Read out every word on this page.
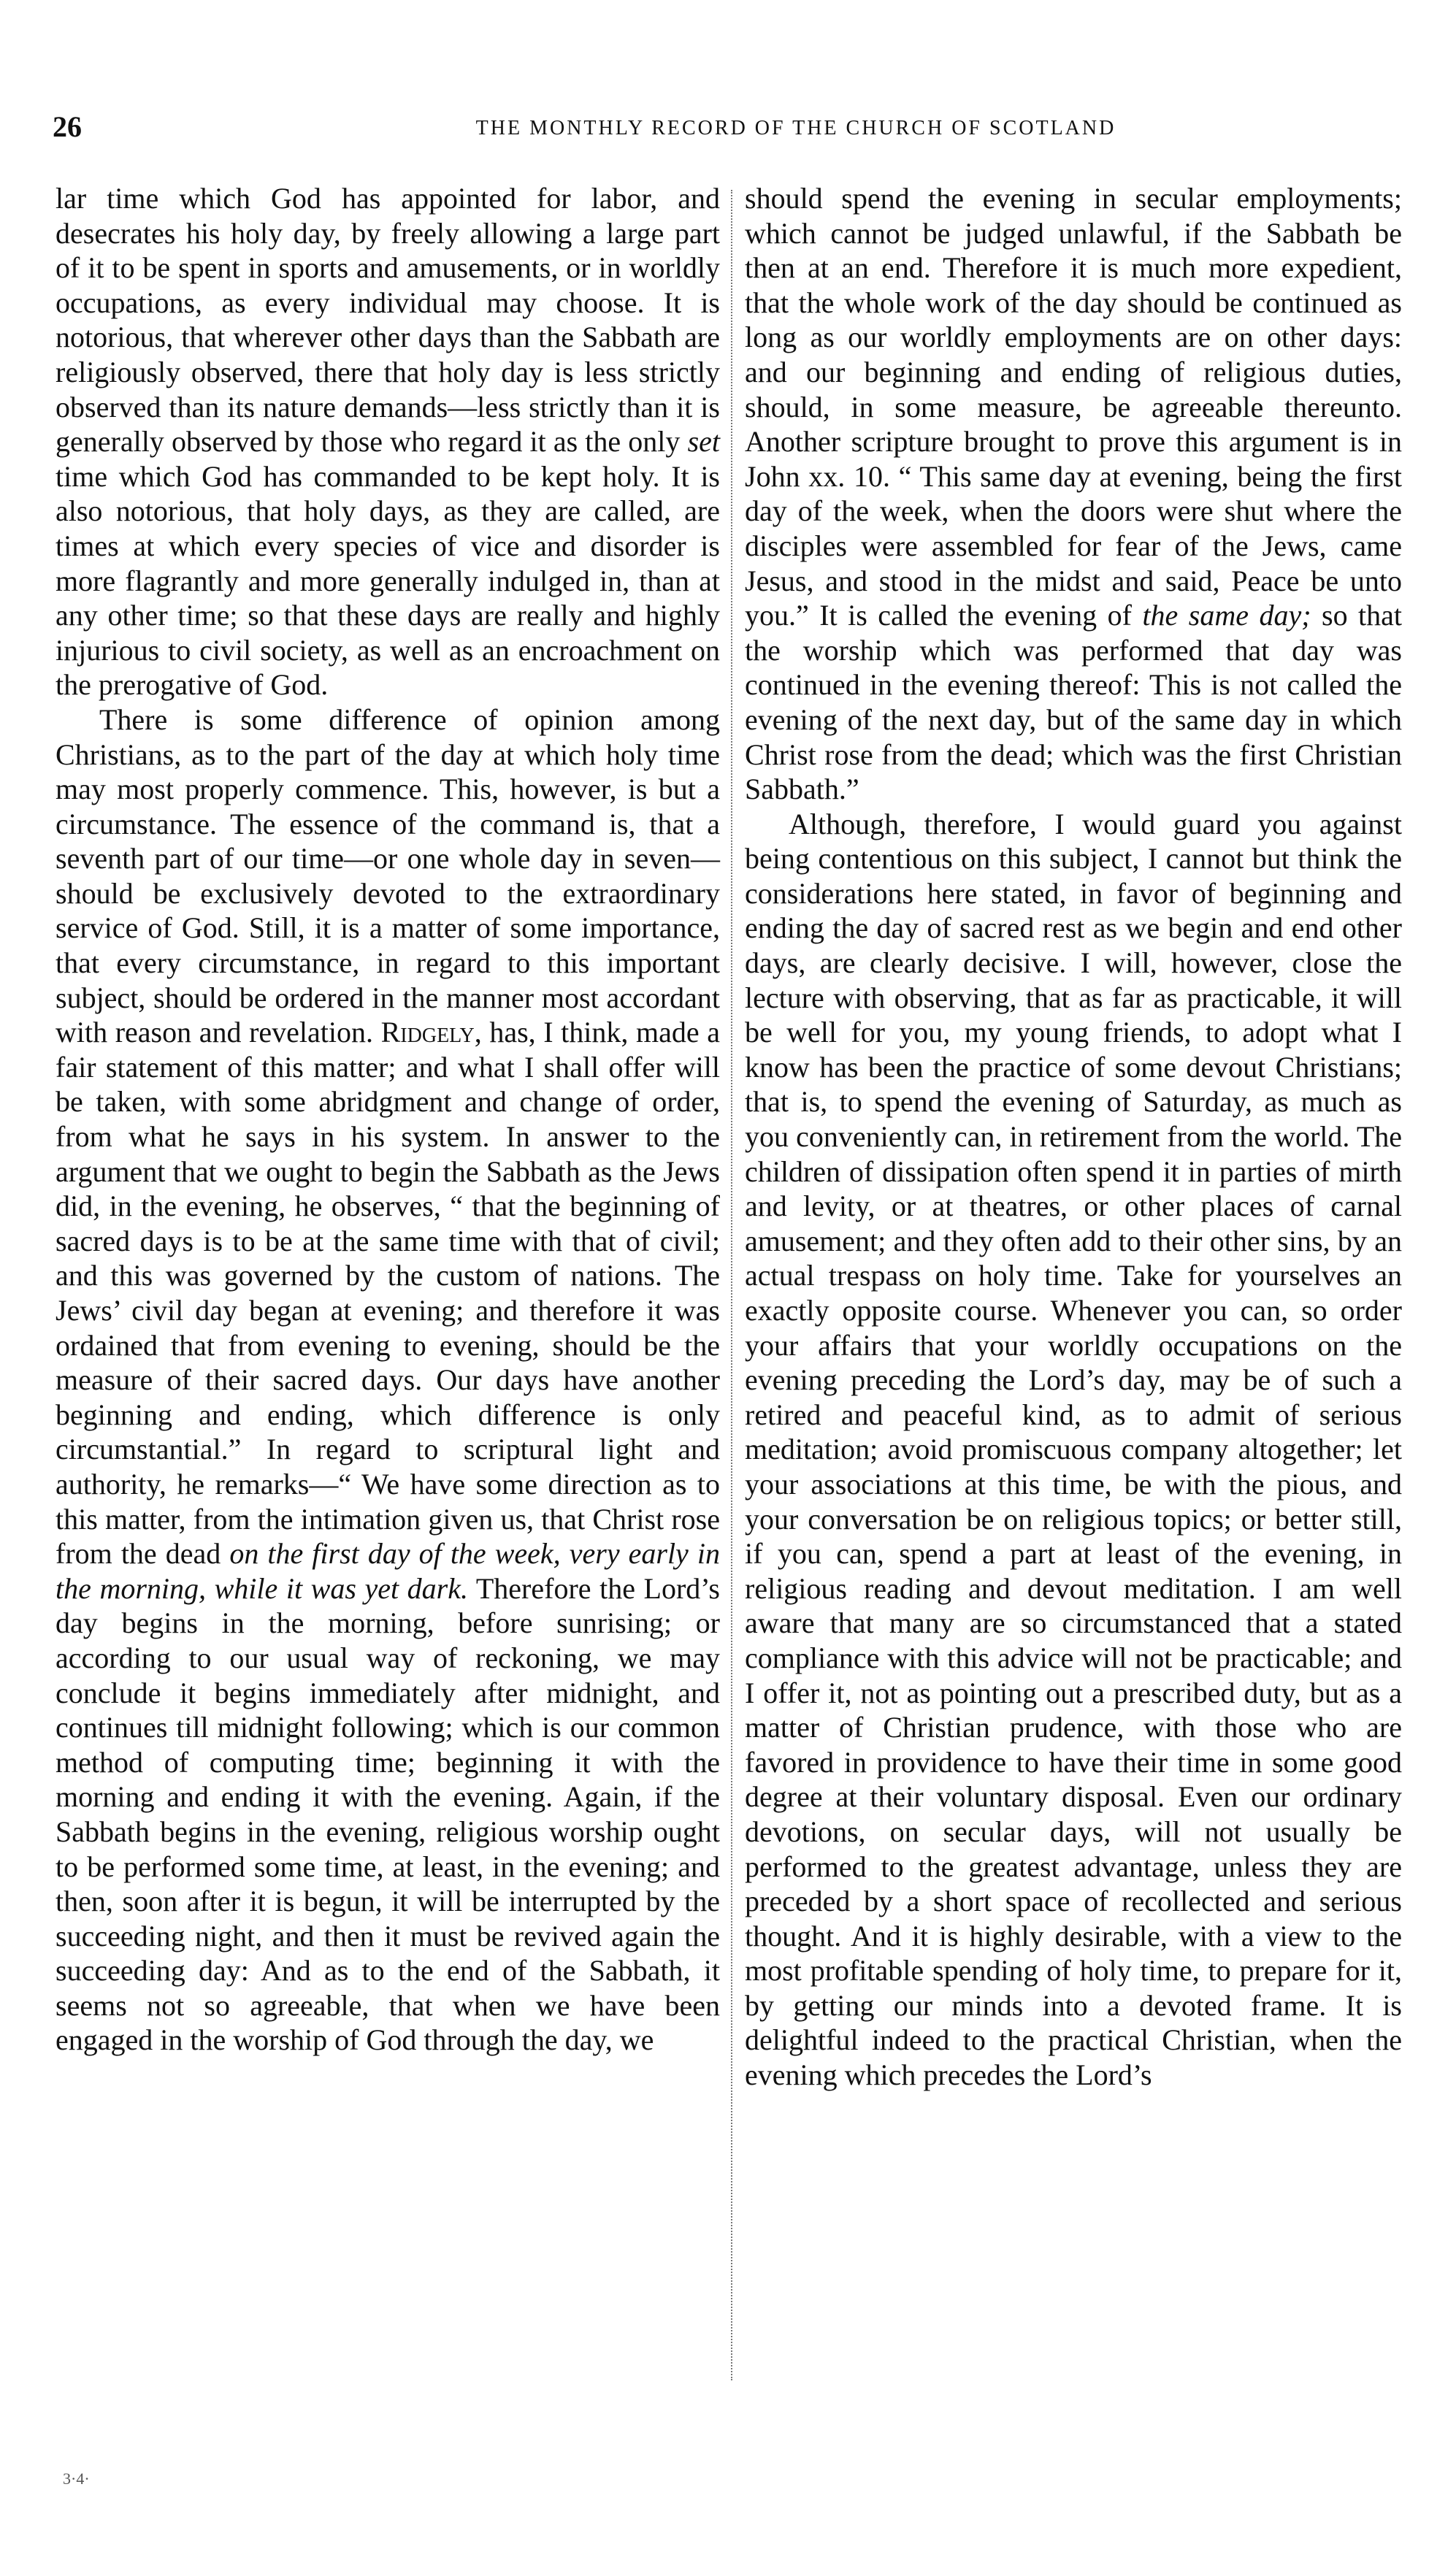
26	THE MONTHLY RECORD OF THE CHURCH OF SCOTLAND

lar time which God has appointed for labor, and desecrates his holy day, by freely allowing a large part of it to be spent in sports and amusements, or in worldly occupations, as every individual may choose. It is notorious, that wherever other days than the Sabbath are religiously observed, there that holy day is less strictly observed than its nature demands—less strictly than it is generally observed by those who regard it as the only set time which God has commanded to be kept holy. It is also notorious, that holy days, as they are called, are times at which every species of vice and disorder is more flagrantly and more generally indulged in, than at any other time; so that these days are really and highly injurious to civil society, as well as an encroachment on the prerogative of God.

There is some difference of opinion among Christians, as to the part of the day at which holy time may most properly commence. This, however, is but a circumstance. The essence of the command is, that a seventh part of our time—or one whole day in seven—should be exclusively devoted to the extraordinary service of God. Still, it is a matter of some importance, that every circumstance, in regard to this important subject, should be ordered in the manner most accordant with reason and revelation. Ridgely, has, I think, made a fair statement of this matter; and what I shall offer will be taken, with some abridgment and change of order, from what he says in his system. In answer to the argument that we ought to begin the Sabbath as the Jews did, in the evening, he observes, “ that the beginning of sacred days is to be at the same time with that of civil; and this was governed by the custom of nations. The Jews’ civil day began at evening; and therefore it was ordained that from evening to evening, should be the measure of their sacred days. Our days have another beginning and ending, which difference is only circumstantial.” In regard to scriptural light and authority, he remarks—“ We have some direction as to this matter, from the intimation given us, that Christ rose from the dead on the first day of the week, very early in the morning, while it was yet dark. Therefore the Lord’s day begins in the morning, before sunrising; or according to our usual way of reckoning, we may conclude it begins immediately after midnight, and continues till midnight following; which is our common method of computing time; beginning it with the morning and ending it with the evening. Again, if the Sabbath begins in the evening, religious worship ought to be performed some time, at least, in the evening; and then, soon after it is begun, it will be interrupted by the succeeding night, and then it must be revived again the succeeding day: And as to the end of the Sabbath, it seems not so agreeable, that when we have been engaged in the worship of God through the day, we

should spend the evening in secular employments; which cannot be judged unlawful, if the Sabbath be then at an end. Therefore it is much more expedient, that the whole work of the day should be continued as long as our worldly employments are on other days: and our beginning and ending of religious duties, should, in some measure, be agreeable thereunto. Another scripture brought to prove this argument is in John xx. 10. “ This same day at evening, being the first day of the week, when the doors were shut where the disciples were assembled for fear of the Jews, came Jesus, and stood in the midst and said, Peace be unto you.” It is called the evening of the same day; so that the worship which was performed that day was continued in the evening thereof: This is not called the evening of the next day, but of the same day in which Christ rose from the dead; which was the first Christian Sabbath.”

Although, therefore, I would guard you against being contentious on this subject, I cannot but think the considerations here stated, in favor of beginning and ending the day of sacred rest as we begin and end other days, are clearly decisive. I will, however, close the lecture with observing, that as far as practicable, it will be well for you, my young friends, to adopt what I know has been the practice of some devout Christians; that is, to spend the evening of Saturday, as much as you conveniently can, in retirement from the world. The children of dissipation often spend it in parties of mirth and levity, or at theatres, or other places of carnal amusement; and they often add to their other sins, by an actual trespass on holy time. Take for yourselves an exactly opposite course. Whenever you can, so order your affairs that your worldly occupations on the evening preceding the Lord’s day, may be of such a retired and peaceful kind, as to admit of serious meditation; avoid promiscuous company altogether; let your associations at this time, be with the pious, and your conversation be on religious topics; or better still, if you can, spend a part at least of the evening, in religious reading and devout meditation. I am well aware that many are so circumstanced that a stated compliance with this advice will not be practicable; and I offer it, not as pointing out a prescribed duty, but as a matter of Christian prudence, with those who are favored in providence to have their time in some good degree at their voluntary disposal. Even our ordinary devotions, on secular days, will not usually be performed to the greatest advantage, unless they are preceded by a short space of recollected and serious thought. And it is highly desirable, with a view to the most profitable spending of holy time, to prepare for it, by getting our minds into a devoted frame. It is delightful indeed to the practical Christian, when the evening which precedes the Lord’s

3·4·
